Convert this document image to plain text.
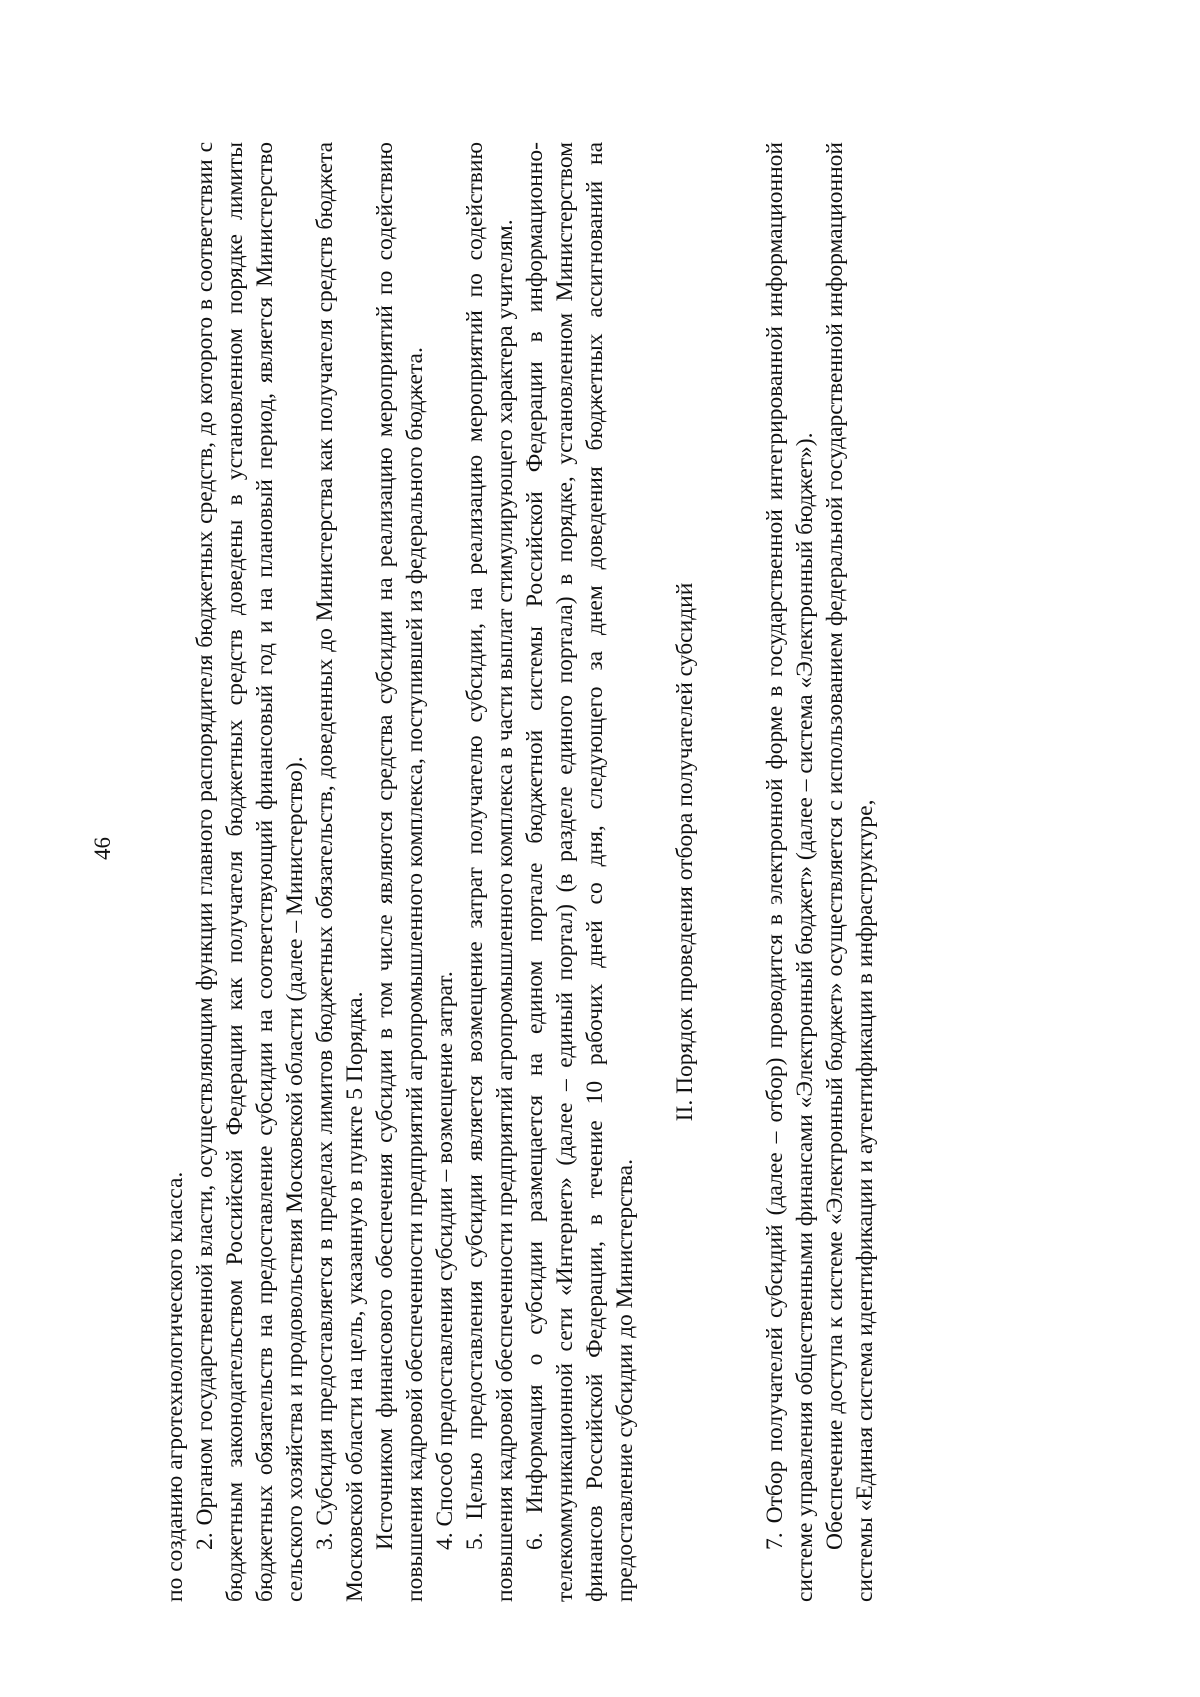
46

по созданию агротехнологического класса. 2. Органом государственной власти, осуществляющим функции главного распорядителя бюджетных средств, до которого в соответствии с бюджетным законодательством Российской Федерации как получателя бюджетных средств доведены в установленном порядке лимиты бюджетных обязательств на предоставление субсидии на соответствующий финансовый год и на плановый период, является Министерство сельского хозяйства и продовольствия Московской области (далее – Министерство). 3. Субсидия предоставляется в пределах лимитов бюджетных обязательств, доведенных до Министерства как получателя средств бюджета Московской области на цель, указанную в пункте 5 Порядка. Источником финансового обеспечения субсидии в том числе являются средства субсидии на реализацию мероприятий по содействию повышения кадровой обеспеченности предприятий агропромышленного комплекса, поступившей из федерального бюджета. 4. Способ предоставления субсидии – возмещение затрат. 5. Целью предоставления субсидии является возмещение затрат получателю субсидии, на реализацию мероприятий по содействию повышения кадровой обеспеченности предприятий агропромышленного комплекса в части выплат стимулирующего характера учителям. 6. Информация о субсидии размещается на едином портале бюджетной системы Российской Федерации в информационно-телекоммуникационной сети «Интернет» (далее – единый портал) (в разделе единого портала) в порядке, установленном Министерством финансов Российской Федерации, в течение 10 рабочих дней со дня, следующего за днем доведения бюджетных ассигнований на предоставление субсидии до Министерства.

II. Порядок проведения отбора получателей субсидий	7. Отбор получателей субсидий (далее – отбор) проводится в электронной форме в государственной интегрированной информационной системе управления общественными финансами «Электронный бюджет» (далее – система «Электронный бюджет»). Обеспечение доступа к системе «Электронный бюджет» осуществляется с использованием федеральной государственной информационной системы «Единая система идентификации и аутентификации в инфраструктуре,
